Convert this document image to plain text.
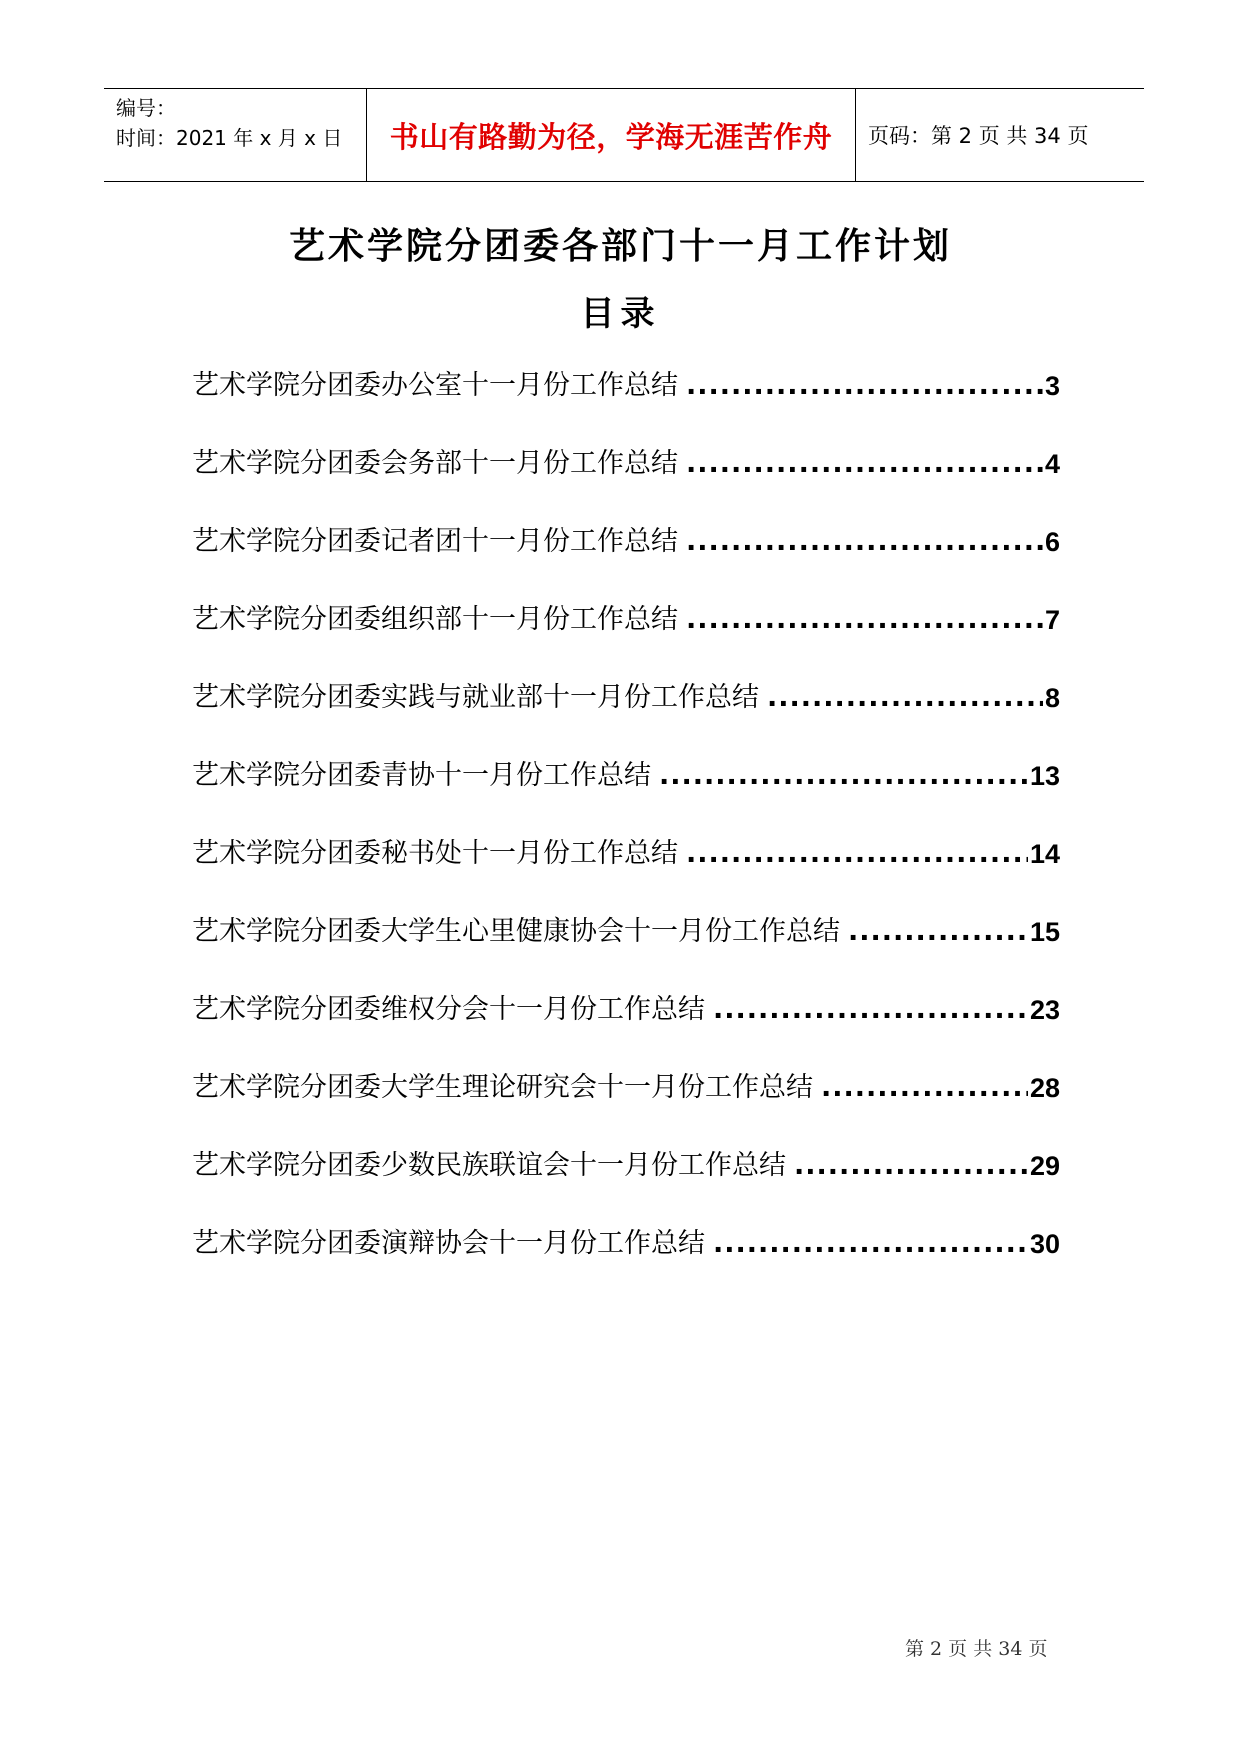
编号：
时间：2021 年 x 月 x 日	书山有路勤为径，学海无涯苦作舟	页码：第 2 页 共 34 页
艺术学院分团委各部门十一月工作计划
目录
艺术学院分团委办公室十一月份工作总结 .....	3
艺术学院分团委会务部十一月份工作总结 .....	4
艺术学院分团委记者团十一月份工作总结 .....	6
艺术学院分团委组织部十一月份工作总结 .....	7
艺术学院分团委实践与就业部十一月份工作总结 .....	8
艺术学院分团委青协十一月份工作总结 .....	13
艺术学院分团委秘书处十一月份工作总结 .....	14
艺术学院分团委大学生心里健康协会十一月份工作总结 .....	15
艺术学院分团委维权分会十一月份工作总结 .....	23
艺术学院分团委大学生理论研究会十一月份工作总结 .....	28
艺术学院分团委少数民族联谊会十一月份工作总结 .....	29
艺术学院分团委演辩协会十一月份工作总结 .....	30
第 2 页 共 34 页
